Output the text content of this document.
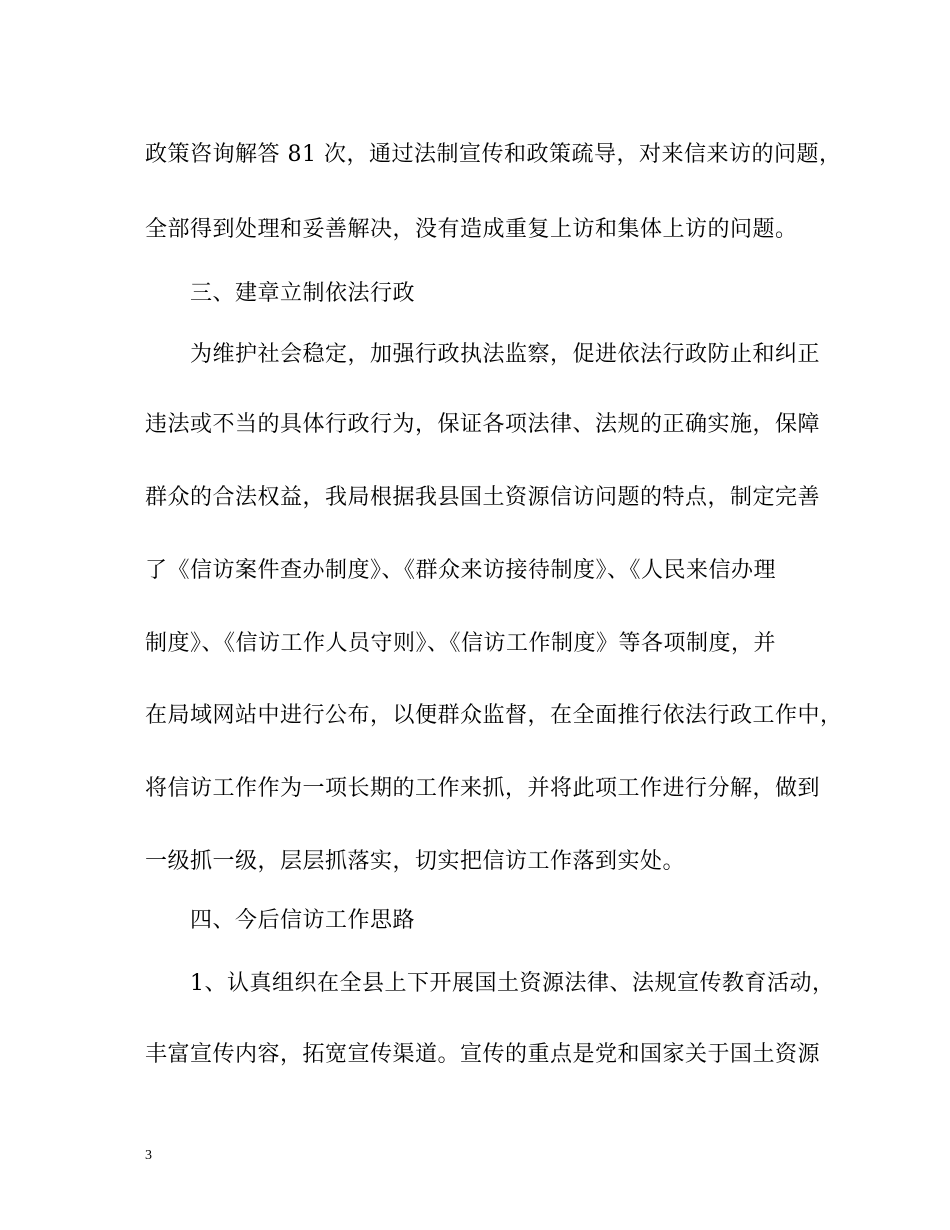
政策咨询解答 81 次，通过法制宣传和政策疏导，对来信来访的问题，
全部得到处理和妥善解决，没有造成重复上访和集体上访的问题。
三、建章立制依法行政
为维护社会稳定，加强行政执法监察，促进依法行政防止和纠正
违法或不当的具体行政行为，保证各项法律、法规的正确实施，保障
群众的合法权益，我局根据我县国土资源信访问题的特点，制定完善
了《信访案件查办制度》、《群众来访接待制度》、《人民来信办理
制度》、《信访工作人员守则》、《信访工作制度》等各项制度，并
在局域网站中进行公布，以便群众监督，在全面推行依法行政工作中，
将信访工作作为一项长期的工作来抓，并将此项工作进行分解，做到
一级抓一级，层层抓落实，切实把信访工作落到实处。
四、今后信访工作思路
1、认真组织在全县上下开展国土资源法律、法规宣传教育活动，
丰富宣传内容，拓宽宣传渠道。宣传的重点是党和国家关于国土资源
3
